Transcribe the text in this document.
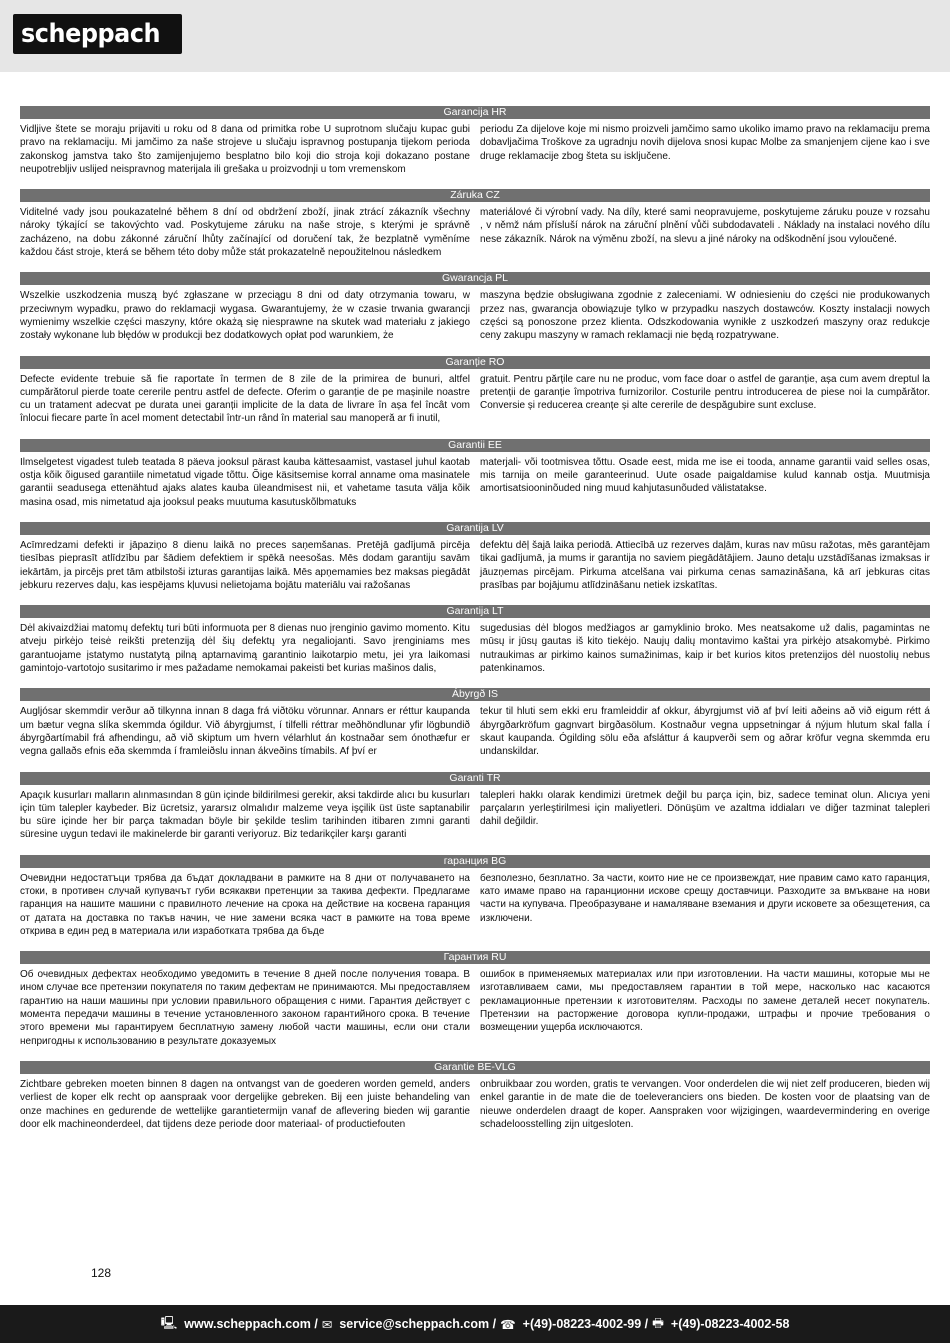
scheppach
Garancija HR
Vidljive štete se moraju prijaviti u roku od 8 dana od primitka robe U suprotnom slučaju kupac gubi pravo na reklamaciju. Mi jamčimo za naše strojeve u slučaju ispravnog postupanja tijekom perioda zakonskog jamstva tako što zamijenjujemo besplatno bilo koji dio stroja koji dokazano postane neupotrebljiv uslijed neispravnog materijala ili grešaka u proizvodnji u tom vremenskom
periodu Za dijelove koje mi nismo proizveli jamčimo samo ukoliko imamo pravo na reklamaciju prema dobavljačima Troškove za ugradnju novih dijelova snosi kupac Molbe za smanjenjem cijene kao i sve druge reklamacije zbog šteta su isključene.
Záruka CZ
Viditelné vady jsou poukazatelné během 8 dní od obdržení zboží, jinak ztrácí zákazník všechny nároky týkající se takovýchto vad. Poskytujeme záruku na naše stroje, s kterými je správně zacházeno, na dobu zákonné záruční lhůty začínající od doručení tak, že bezplatně vyměníme každou část stroje, která se během této doby může stát prokazatelně nepoužitelnou následkem
materiálové či výrobní vady. Na díly, které sami neopravujeme, poskytujeme záruku pouze v rozsahu , v němž nám přísluší nárok na záruční plnění vůči subdodavateli . Náklady na instalaci nového dílu nese zákazník. Nárok na výměnu zboží, na slevu a jiné nároky na odškodnění jsou vyloučené.
Gwarancja PL
Wszelkie uszkodzenia muszą być zgłaszane w przeciągu 8 dni od daty otrzymania towaru, w przeciwnym wypadku, prawo do reklamacji wygasa. Gwarantujemy, że w czasie trwania gwarancji wymienimy wszelkie części maszyny, które okażą się niesprawne na skutek wad materiału z jakiego zostały wykonane lub błędów w produkcji bez dodatkowych opłat pod warunkiem, że
maszyna będzie obsługiwana zgodnie z zaleceniami. W odniesieniu do części nie produkowanych przez nas, gwarancja obowiązuje tylko w przypadku naszych dostawców. Koszty instalacji nowych części są ponoszone przez klienta. Odszkodowania wynikłe z uszkodzeń maszyny oraz redukcje ceny zakupu maszyny w ramach reklamacji nie będą rozpatrywane.
Garanție RO
Defecte evidente trebuie să fie raportate în termen de 8 zile de la primirea de bunuri, altfel cumpărătorul pierde toate cererile pentru astfel de defecte. Oferim o garanție de pe mașinile noastre cu un tratament adecvat pe durata unei garanții implicite de la data de livrare în așa fel încât vom înlocui fiecare parte în acel moment detectabil într-un rând în material sau manoperă ar fi inutil,
gratuit. Pentru părțile care nu ne produc, vom face doar o astfel de garanție, așa cum avem dreptul la pretenții de garanție împotriva furnizorilor. Costurile pentru introducerea de piese noi la cumpărător. Conversie și reducerea creanțe și alte cererile de despăgubire sunt excluse.
Garantii EE
Ilmselgetest vigadest tuleb teatada 8 päeva jooksul pärast kauba kättesaamist, vastasel juhul kaotab ostja kõik õigused garantiile nimetatud vigade tõttu. Õige käsitsemise korral anname oma masinatele garantii seadusega ettenähtud ajaks alates kauba üleandmisest nii, et vahetame tasuta välja kõik masina osad, mis nimetatud aja jooksul peaks muutuma kasutuskõlbmatuks
materjali- või tootmisvea tõttu. Osade eest, mida me ise ei tooda, anname garantii vaid selles osas, mis tarnija on meile garanteerinud. Uute osade paigaldamise kulud kannab ostja. Muutmisja amortisatsiooninõuded ning muud kahjutasunõuded välistatakse.
Garantija LV
Acīmredzami defekti ir jāpaziņo 8 dienu laikā no preces saņemšanas. Pretējā gadījumā pircēja tiesības pieprasīt atlīdzību par šādiem defektiem ir spēkā neesošas. Mēs dodam garantiju savām iekārtām, ja pircējs pret tām atbilstoši izturas garantijas laikā. Mēs apņemamies bez maksas piegādāt jebkuru rezerves daļu, kas iespējams kļuvusi nelietojama bojātu materiālu vai ražošanas
defektu dēļ šajā laika periodā. Attiecībā uz rezerves daļām, kuras nav mūsu ražotas, mēs garantējam tikai gadījumā, ja mums ir garantija no saviem piegādātājiem. Jauno detaļu uzstādīšanas izmaksas ir jāuzņemas pircējam. Pirkuma atcelšana vai pirkuma cenas samazināšana, kā arī jebkuras citas prasības par bojājumu atlīdzināšanu netiek izskatītas.
Garantija LT
Dėl akivaizdžiai matomų defektų turi būti informuota per 8 dienas nuo įrenginio gavimo momento. Kitu atveju pirkėjo teisė reikšti pretenziją dėl šių defektų yra negaliojanti. Savo įrenginiams mes garantuojame įstatymo nustatytą pilną aptarnavimą garantinio laikotarpio metu, jei yra laikomasi gamintojo-vartotojo susitarimo ir mes pažadame nemokamai pakeisti bet kurias mašinos dalis,
sugedusias dėl blogos medžiagos ar gamyklinio broko. Mes neatsakome už dalis, pagamintas ne mūsų ir jūsų gautas iš kito tiekėjo. Naujų dalių montavimo kaštai yra pirkėjo atsakomybė. Pirkimo nutraukimas ar pirkimo kainos sumažinimas, kaip ir bet kurios kitos pretenzijos dėl nuostolių nebus patenkinamos.
Ábyrgð IS
Augljósar skemmdir verður að tilkynna innan 8 daga frá viðtöku vörunnar. Annars er réttur kaupanda um bætur vegna slíka skemmda ógildur. Við ábyrgjumst, í tilfelli réttrar meðhöndlunar yfir lögbundið ábyrgðartímabil frá afhendingu, að við skiptum um hvern vélarhlut án kostnaðar sem ónothæfur er vegna gallaðs efnis eða skemmda í framleiðslu innan ákveðins tímabils. Af því er
tekur til hluti sem ekki eru framleiddir af okkur, ábyrgjumst við af því leiti aðeins að við eigum rétt á ábyrgðarkröfum gagnvart birgðasölum. Kostnaður vegna uppsetningar á nýjum hlutum skal falla í skaut kaupanda. Ógilding sölu eða afsláttur á kaupverði sem og aðrar kröfur vegna skemmda eru undanskildar.
Garanti TR
Apaçık kusurları malların alınmasından 8 gün içinde bildirilmesi gerekir, aksi takdirde alıcı bu kusurları için tüm talepler kaybeder. Biz ücretsiz, yararsız olmalıdır malzeme veya işçilik üst üste saptanabilir bu süre içinde her bir parça takmadan böyle bir şekilde teslim tarihinden itibaren zımni garanti süresine uygun tedavi ile makinelerde bir garanti veriyoruz. Biz tedarikçiler karşı garanti
talepleri hakkı olarak kendimizi üretmek değil bu parça için, biz, sadece teminat olun. Alıcıya yeni parçaların yerleştirilmesi için maliyetleri. Dönüşüm ve azaltma iddiaları ve diğer tazminat talepleri dahil değildir.
гаранция BG
Очевидни недостатъци трябва да бъдат докладвани в рамките на 8 дни от получаването на стоки, в противен случай купувачът губи всякакви претенции за такива дефекти. Предлагаме гаранция на нашите машини с правилното лечение на срока на действие на косвена гаранция от датата на доставка по такъв начин, че ние замени всяка част в рамките на това време открива в един ред в материала или изработката трябва да бъде
безполезно, безплатно. За части, които ние не се произвеждат, ние правим само като гаранция, като имаме право на гаранционни искове срещу доставчици. Разходите за вмъкване на нови части на купувача. Преобразуване и намаляване вземания и други исковете за обезщетения, са изключени.
Гарантия RU
Об очевидных дефектах необходимо уведомить в течение 8 дней после получения товара. В ином случае все претензии покупателя по таким дефектам не принимаются. Мы предоставляем гарантию на наши машины при условии правильного обращения с ними. Гарантия действует с момента передачи машины в течение установленного законом гарантийного срока. В течение этого времени мы гарантируем бесплатную замену любой части машины, если они стали непригодны к использованию в результате доказуемых
ошибок в применяемых материалах или при изготовлении. На части машины, которые мы не изготавливаем сами, мы предоставляем гарантии в той мере, насколько нас касаются рекламационные претензии к изготовителям. Расходы по замене деталей несет покупатель. Претензии на расторжение договора купли-продажи, штрафы и прочие требования о возмещении ущерба исключаются.
Garantie BE-VLG
Zichtbare gebreken moeten binnen 8 dagen na ontvangst van de goederen worden gemeld, anders verliest de koper elk recht op aanspraak voor dergelijke gebreken. Bij een juiste behandeling van onze machines en gedurende de wettelijke garantietermijn vanaf de aflevering bieden wij garantie door elk machineonderdeel, dat tijdens deze periode door materiaal- of productiefouten
onbruikbaar zou worden, gratis te vervangen. Voor onderdelen die wij niet zelf produceren, bieden wij enkel garantie in de mate die de toeleveranciers ons bieden. De kosten voor de plaatsing van de nieuwe onderdelen draagt de koper. Aanspraken voor wijzigingen, waardevermindering en overige schadeloosstelling zijn uitgesloten.
128
🖳 www.scheppach.com / ✉ service@scheppach.com / ☎ +(49)-08223-4002-99 / 🖶 +(49)-08223-4002-58
